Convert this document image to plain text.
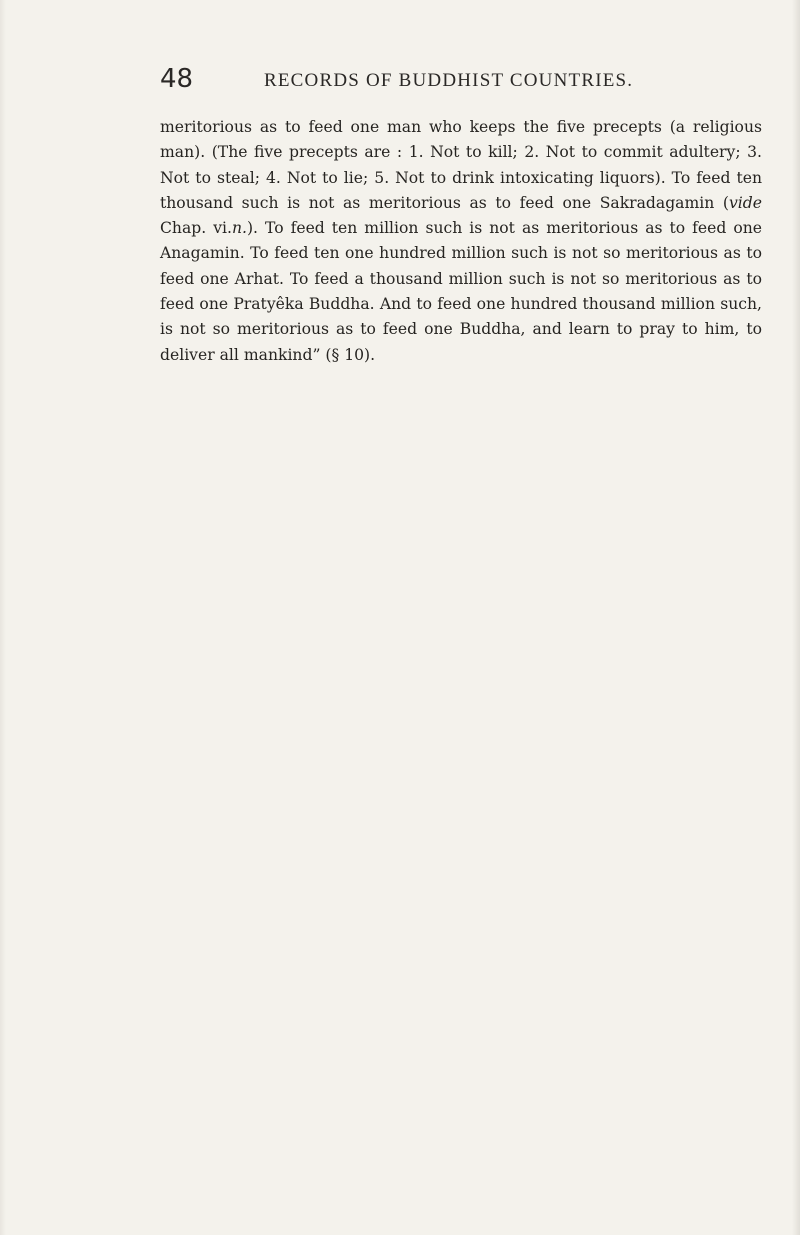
48	RECORDS OF BUDDHIST COUNTRIES.

meritorious as to feed one man who keeps the five precepts (a religious man). (The five precepts are : 1. Not to kill; 2. Not to commit adultery; 3. Not to steal; 4. Not to lie; 5. Not to drink intoxicating liquors). To feed ten thousand such is not as meritorious as to feed one Sakradagamin (vide Chap. vi.n.). To feed ten million such is not as meritorious as to feed one Anagamin. To feed ten one hundred million such is not so meritorious as to feed one Arhat. To feed a thousand million such is not so meritorious as to feed one Pratyêka Buddha. And to feed one hundred thousand million such, is not so meritorious as to feed one Buddha, and learn to pray to him, to deliver all mankind” (§ 10).
